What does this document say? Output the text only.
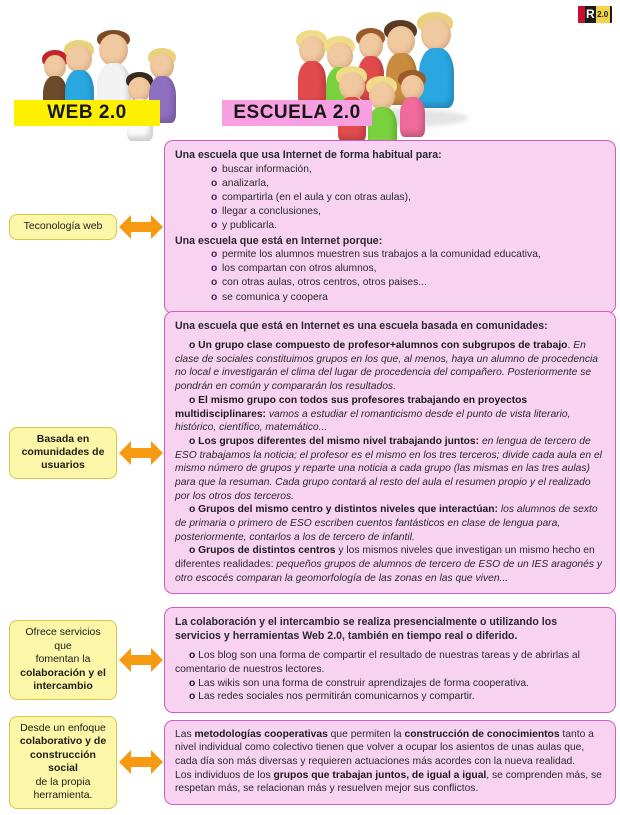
R 2.0
WEB 2.0	ESCUELA 2.0
Teconología web

Una escuela que usa Internet de forma habitual para:

o buscar información,
o analizarla,
o compartirla (en el aula y con otras aulas),
o llegar a conclusiones,
o y publicarla.

Una escuela que está en Internet porque:

o permite los alumnos muestren sus trabajos a la comunidad educativa,
o los compartan con otros alumnos,
o con otras aulas, otros centros, otros paises...
o se comunica y coopera
Basada en
comunidades de
usuarios

Una escuela que está en Internet es una escuela basada en comunidades:

o Un grupo clase compuesto de profesor+alumnos con subgrupos de trabajo. En clase de sociales constituimos grupos en los que, al menos, haya un alumno de procedencia no local e investigarán el clima del lugar de procedencia del compañero. Posteriormente se pondrán en común y compararán los resultados.

o El mismo grupo con todos sus profesores trabajando en proyectos multidisciplinares: vamos a estudiar el romanticismo desde el punto de vista literario, histórico, científico, matemático...

o Los grupos diferentes del mismo nivel trabajando juntos: en lengua de tercero de ESO trabajamos la noticia; el profesor es el mismo en los tres terceros; divide cada aula en el mismo número de grupos y reparte una noticia a cada grupo (las mismas en las tres aulas) para que la resuman. Cada grupo contará al resto del aula el resumen propio y el realizado por los otros dos terceros.

o Grupos del mismo centro y distintos niveles que interactúan: los alumnos de sexto de primaria o primero de ESO escriben cuentos fantásticos en clase de lengua para, posteriormente, contarlos a los de tercero de infantil.

o Grupos de distintos centros y los mismos niveles que investigan un mismo hecho en diferentes realidades: pequeños grupos de alumnos de tercero de ESO de un IES aragonés y otro escocés comparan la geomorfología de las zonas en las que viven...

Ofrece servicios que
fomentan la
colaboración y el
intercambio

La colaboración y el intercambio se realiza presencialmente o utilizando los servicios y herramientas Web 2.0, también en tiempo real o diferido.

o Los blog son una forma de compartir el resultado de nuestras tareas y de abrirlas al comentario de nuestros lectores.

o Las wikis son una forma de construir aprendizajes de forma cooperativa.

o Las redes sociales nos permitirán comunicarnos y compartir.

Desde un enfoque
colaborativo y de
construcción social
de la propia
herramienta.

Las metodologías cooperativas que permiten la construcción de conocimientos tanto a nivel individual como colectivo tienen que volver a ocupar los asientos de unas aulas que, cada día son más diversas y requieren actuaciones más acordes con la nueva realidad.

Los individuos de los grupos que trabajan juntos, de igual a igual, se comprenden más, se respetan más, se relacionan más y resuelven mejor sus conflictos.
